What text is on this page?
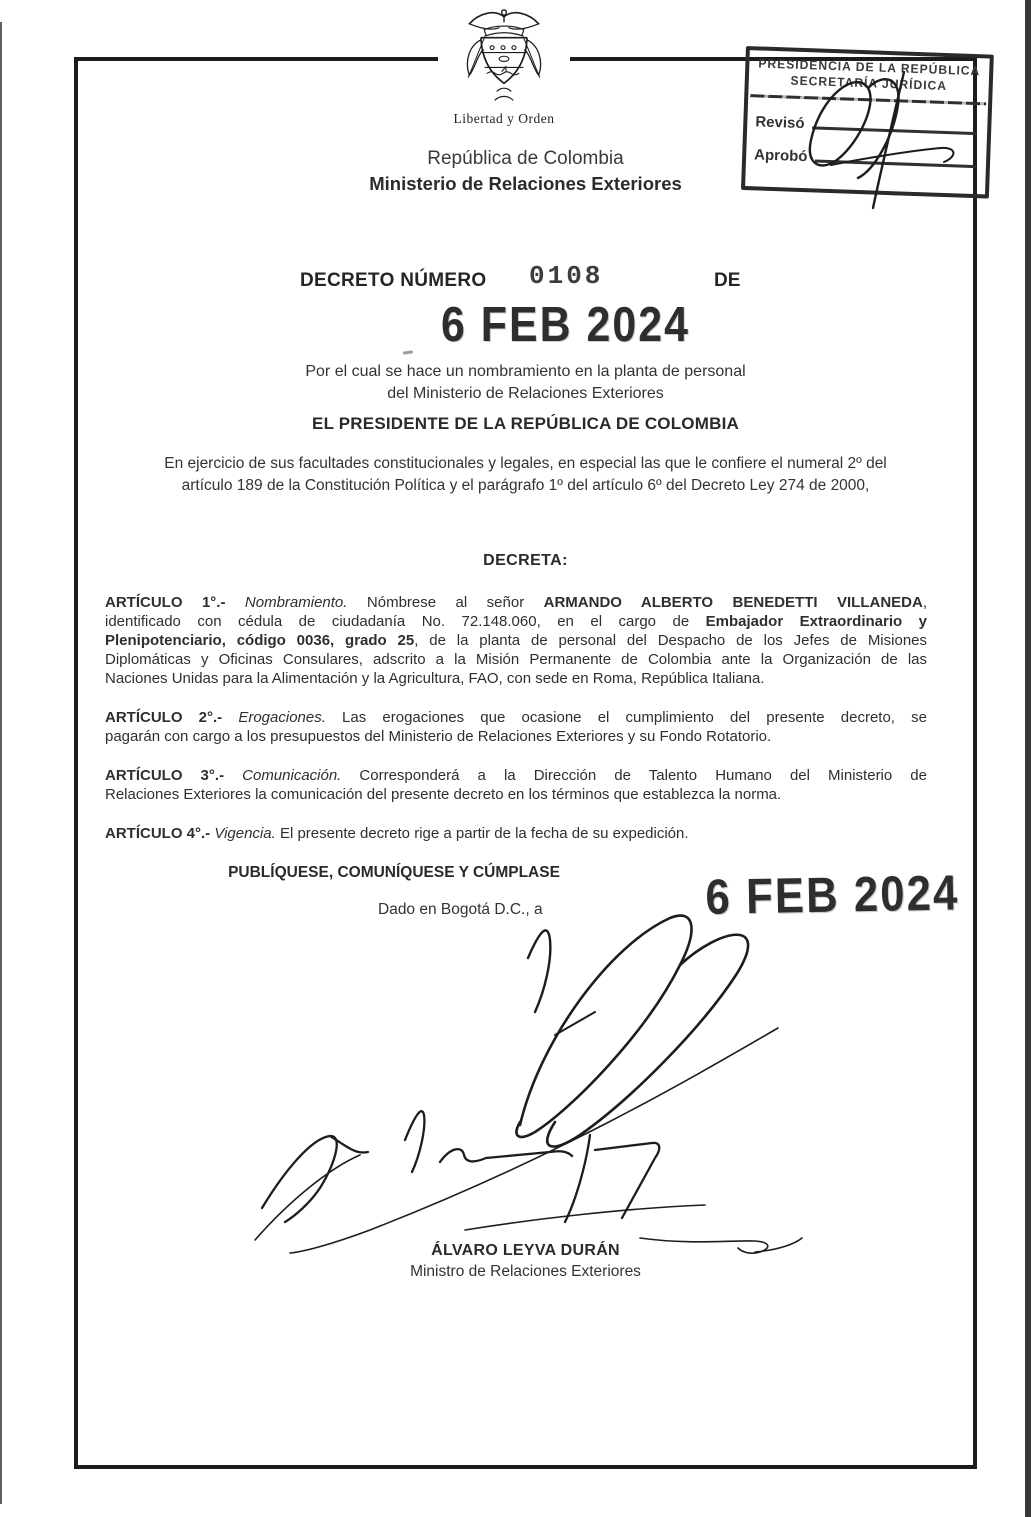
Libertad y Orden
República de Colombia
Ministerio de Relaciones Exteriores
PRESIDENCIA DE LA REPÚBLICA
SECRETARÍA JURÍDICA
Revisó
Aprobó
DECRETO NÚMERO 0108	DE
6 FEB 2024
Por el cual se hace un nombramiento en la planta de personal
del Ministerio de Relaciones Exteriores
EL PRESIDENTE DE LA REPÚBLICA DE COLOMBIA
En ejercicio de sus facultades constitucionales y legales, en especial las que le confiere el numeral 2º del
artículo 189 de la Constitución Política y el parágrafo 1º del artículo 6º del Decreto Ley 274 de 2000,
DECRETA:
ARTÍCULO 1°.- Nombramiento. Nómbrese al señor ARMANDO ALBERTO BENEDETTI VILLANEDA,
identificado con cédula de ciudadanía No. 72.148.060, en el cargo de Embajador Extraordinario y
Plenipotenciario, código 0036, grado 25, de la planta de personal del Despacho de los Jefes de Misiones
Diplomáticas y Oficinas Consulares, adscrito a la Misión Permanente de Colombia ante la Organización de las
Naciones Unidas para la Alimentación y la Agricultura, FAO, con sede en Roma, República Italiana.
ARTÍCULO 2°.- Erogaciones. Las erogaciones que ocasione el cumplimiento del presente decreto, se
pagarán con cargo a los presupuestos del Ministerio de Relaciones Exteriores y su Fondo Rotatorio.
ARTÍCULO 3°.- Comunicación. Corresponderá a la Dirección de Talento Humano del Ministerio de
Relaciones Exteriores la comunicación del presente decreto en los términos que establezca la norma.
ARTÍCULO 4°.- Vigencia. El presente decreto rige a partir de la fecha de su expedición.
PUBLÍQUESE, COMUNÍQUESE Y CÚMPLASE
Dado en Bogotá D.C., a	6 FEB 2024
ÁLVARO LEYVA DURÁN
Ministro de Relaciones Exteriores
